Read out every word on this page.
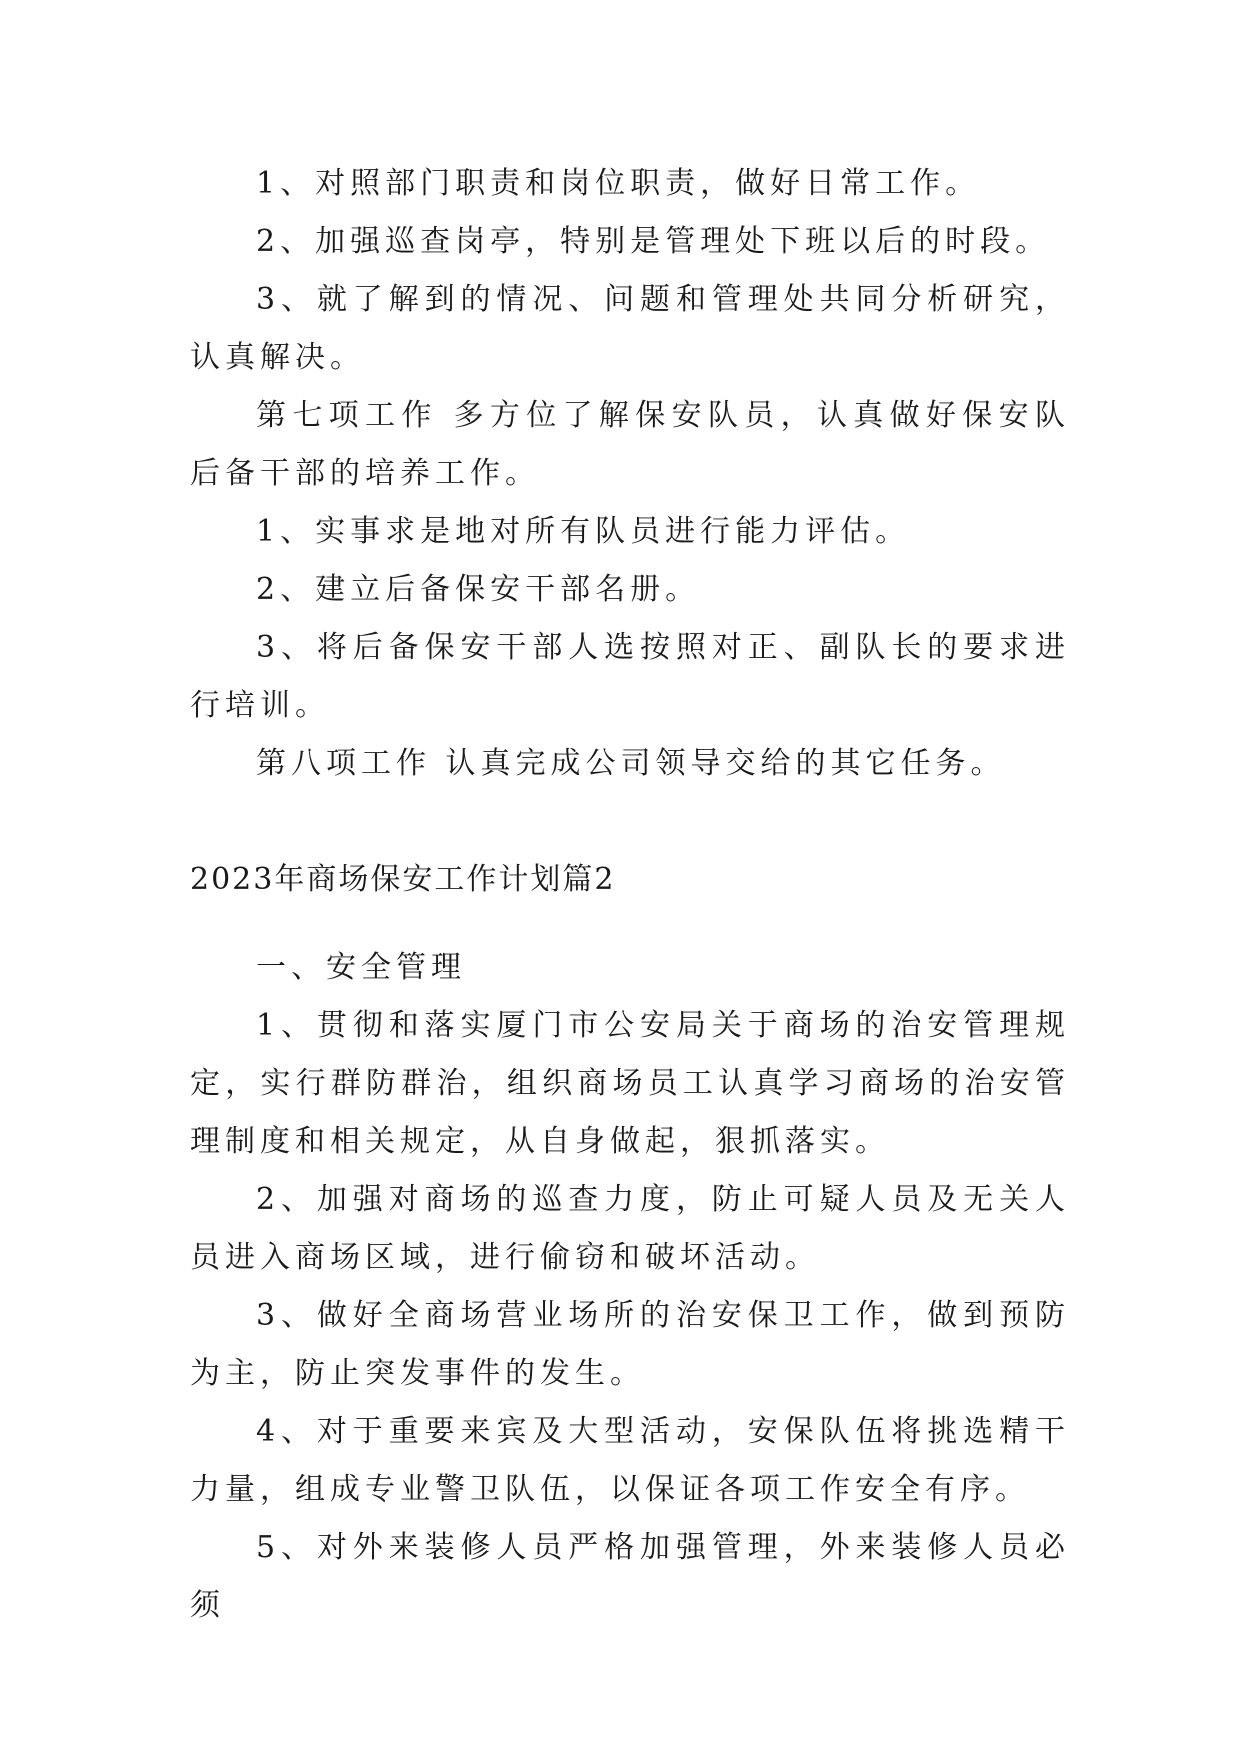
1、对照部门职责和岗位职责，做好日常工作。

2、加强巡查岗亭，特别是管理处下班以后的时段。

3、就了解到的情况、问题和管理处共同分析研究，认真解决。

第七项工作 多方位了解保安队员，认真做好保安队后备干部的培养工作。

1、实事求是地对所有队员进行能力评估。

2、建立后备保安干部名册。

3、将后备保安干部人选按照对正、副队长的要求进行培训。

第八项工作 认真完成公司领导交给的其它任务。

2023年商场保安工作计划篇2

一、安全管理

1、贯彻和落实厦门市公安局关于商场的治安管理规定，实行群防群治，组织商场员工认真学习商场的治安管理制度和相关规定，从自身做起，狠抓落实。

2、加强对商场的巡查力度，防止可疑人员及无关人员进入商场区域，进行偷窃和破坏活动。

3、做好全商场营业场所的治安保卫工作，做到预防为主，防止突发事件的发生。

4、对于重要来宾及大型活动，安保队伍将挑选精干力量，组成专业警卫队伍，以保证各项工作安全有序。

5、对外来装修人员严格加强管理，外来装修人员必须
